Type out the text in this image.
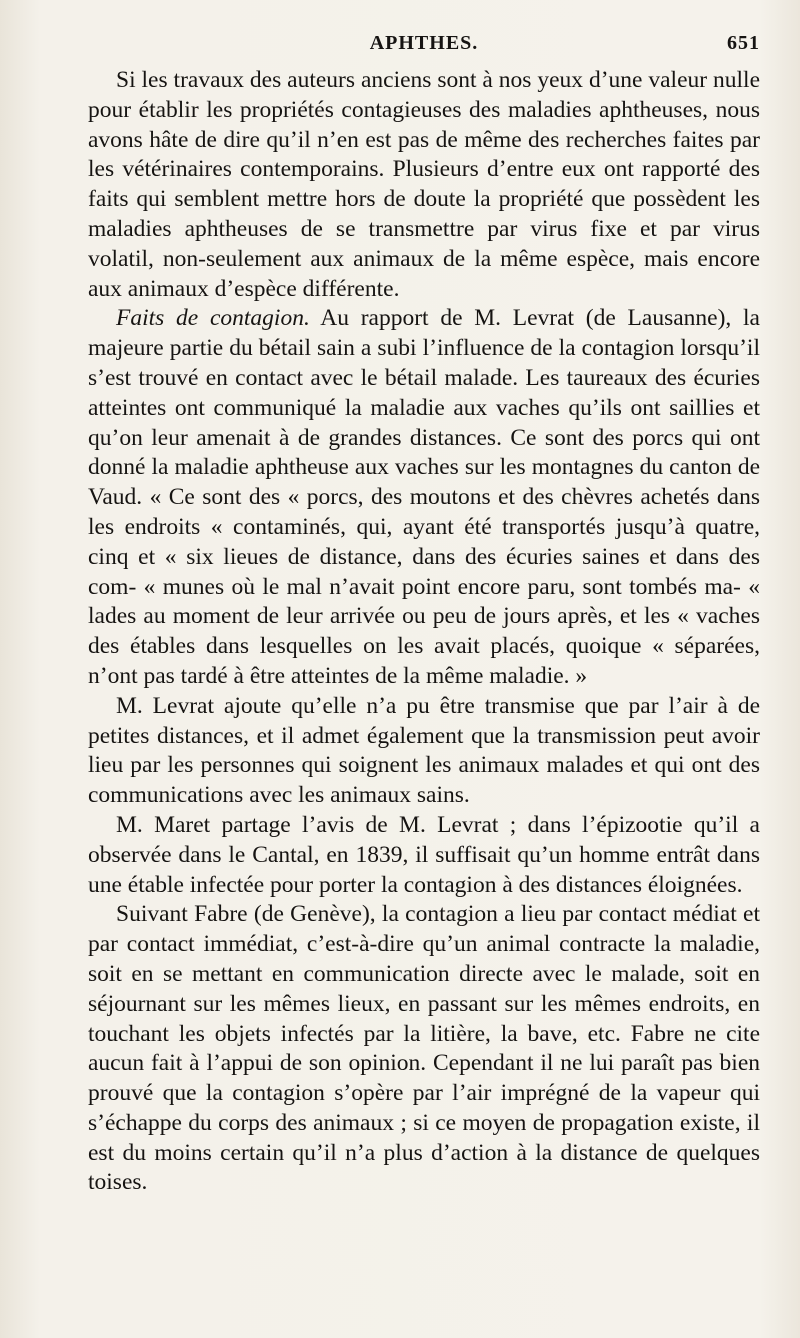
APHTHES.	651

Si les travaux des auteurs anciens sont à nos yeux d’une valeur nulle pour établir les propriétés contagieuses des maladies aphtheuses, nous avons hâte de dire qu’il n’en est pas de même des recherches faites par les vétérinaires contemporains. Plusieurs d’entre eux ont rapporté des faits qui semblent mettre hors de doute la propriété que possèdent les maladies aphtheuses de se transmettre par virus fixe et par virus volatil, non-seulement aux animaux de la même espèce, mais encore aux animaux d’espèce différente.

Faits de contagion. Au rapport de M. Levrat (de Lausanne), la majeure partie du bétail sain a subi l’influence de la contagion lorsqu’il s’est trouvé en contact avec le bétail malade. Les taureaux des écuries atteintes ont communiqué la maladie aux vaches qu’ils ont saillies et qu’on leur amenait à de grandes distances. Ce sont des porcs qui ont donné la maladie aphtheuse aux vaches sur les montagnes du canton de Vaud. « Ce sont des « porcs, des moutons et des chèvres achetés dans les endroits « contaminés, qui, ayant été transportés jusqu’à quatre, cinq et « six lieues de distance, dans des écuries saines et dans des com- « munes où le mal n’avait point encore paru, sont tombés ma- « lades au moment de leur arrivée ou peu de jours après, et les « vaches des étables dans lesquelles on les avait placés, quoique « séparées, n’ont pas tardé à être atteintes de la même maladie. »

M. Levrat ajoute qu’elle n’a pu être transmise que par l’air à de petites distances, et il admet également que la transmission peut avoir lieu par les personnes qui soignent les animaux malades et qui ont des communications avec les animaux sains.

M. Maret partage l’avis de M. Levrat ; dans l’épizootie qu’il a observée dans le Cantal, en 1839, il suffisait qu’un homme entrât dans une étable infectée pour porter la contagion à des distances éloignées.

Suivant Fabre (de Genève), la contagion a lieu par contact médiat et par contact immédiat, c’est-à-dire qu’un animal contracte la maladie, soit en se mettant en communication directe avec le malade, soit en séjournant sur les mêmes lieux, en passant sur les mêmes endroits, en touchant les objets infectés par la litière, la bave, etc. Fabre ne cite aucun fait à l’appui de son opinion. Cependant il ne lui paraît pas bien prouvé que la contagion s’opère par l’air imprégné de la vapeur qui s’échappe du corps des animaux ; si ce moyen de propagation existe, il est du moins certain qu’il n’a plus d’action à la distance de quelques toises.
